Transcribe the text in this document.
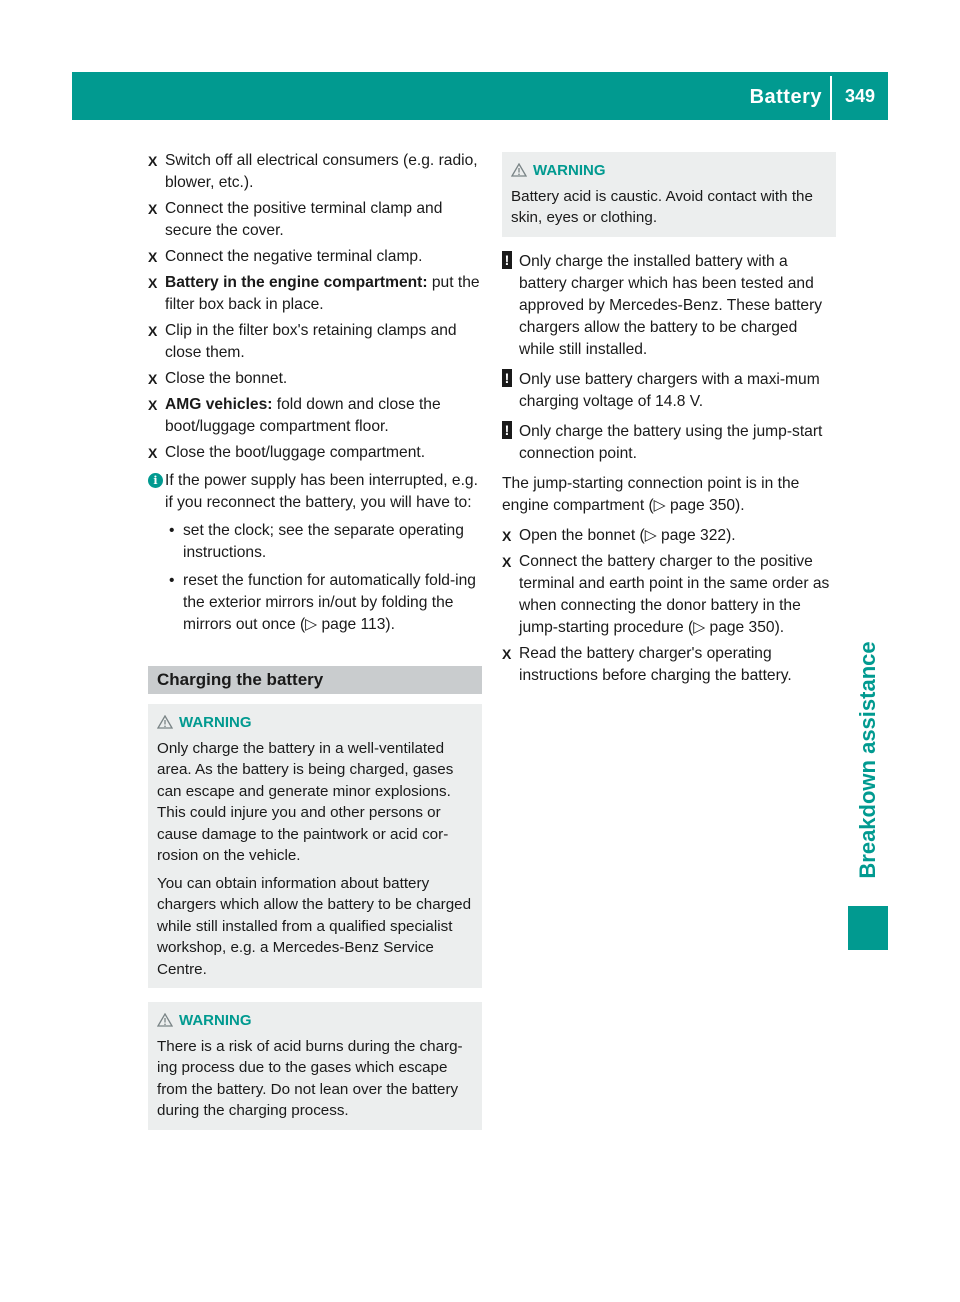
Battery	349
Breakdown assistance
X Switch off all electrical consumers (e.g. radio, blower, etc.).
X Connect the positive terminal clamp and secure the cover.
X Connect the negative terminal clamp.
X Battery in the engine compartment: put the filter box back in place.
X Clip in the filter box's retaining clamps and close them.
X Close the bonnet.
X AMG vehicles: fold down and close the boot/luggage compartment floor.
X Close the boot/luggage compartment.
i If the power supply has been interrupted, e.g. if you reconnect the battery, you will have to:
• set the clock; see the separate operating instructions.
• reset the function for automatically fold-ing the exterior mirrors in/out by folding the mirrors out once (▷ page 113).
Charging the battery
WARNING

Only charge the battery in a well-ventilated area. As the battery is being charged, gases can escape and generate minor explosions. This could injure you and other persons or cause damage to the paintwork or acid cor-rosion on the vehicle.

You can obtain information about battery chargers which allow the battery to be charged while still installed from a qualified specialist workshop, e.g. a Mercedes-Benz Service Centre.

WARNING

There is a risk of acid burns during the charg-ing process due to the gases which escape from the battery. Do not lean over the battery during the charging process.

WARNING

Battery acid is caustic. Avoid contact with the skin, eyes or clothing.

! Only charge the installed battery with a battery charger which has been tested and approved by Mercedes-Benz. These battery chargers allow the battery to be charged while still installed.
! Only use battery chargers with a maxi-mum charging voltage of 14.8 V.
! Only charge the battery using the jump-start connection point.
The jump-starting connection point is in the engine compartment (▷ page 350).
X Open the bonnet (▷ page 322).
X Connect the battery charger to the positive terminal and earth point in the same order as when connecting the donor battery in the jump-starting procedure (▷ page 350).
X Read the battery charger's operating instructions before charging the battery.
